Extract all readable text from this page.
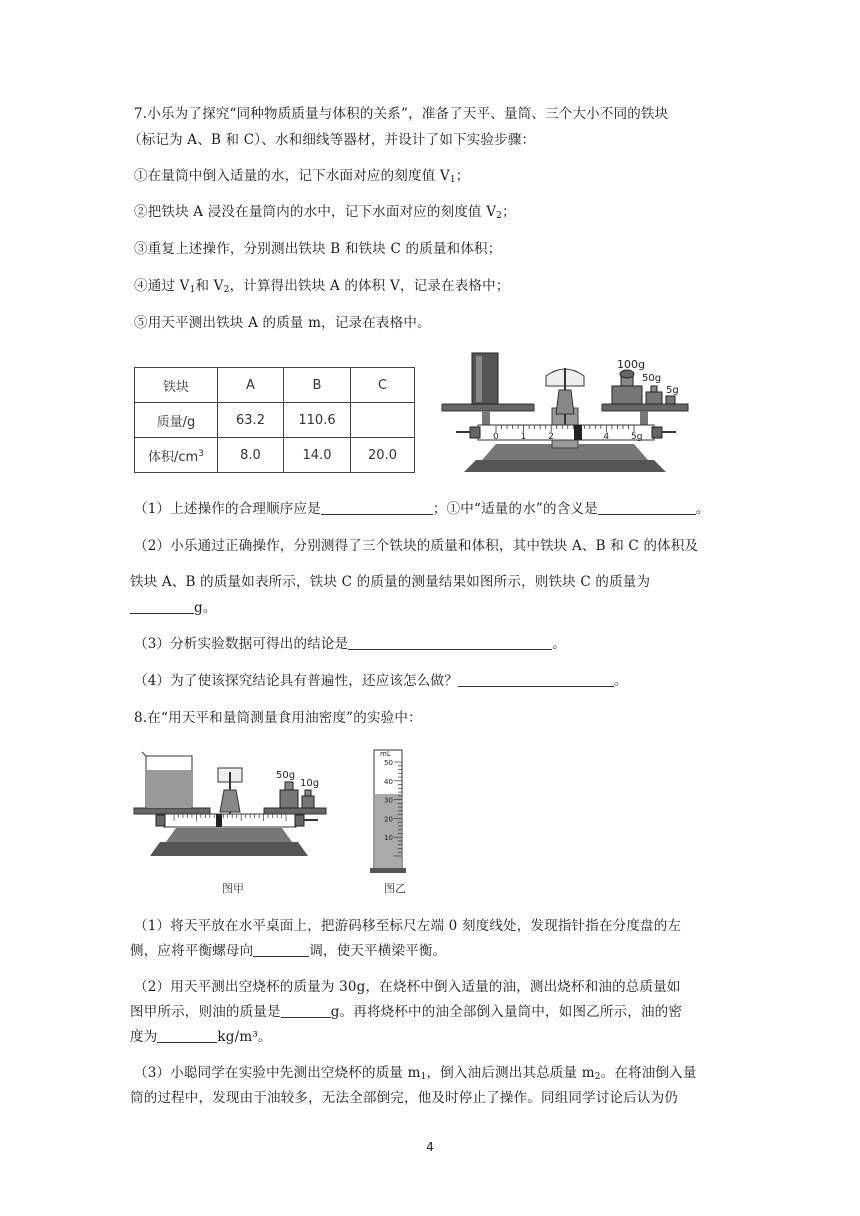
7.小乐为了探究“同种物质质量与体积的关系”，准备了天平、量筒、三个大小不同的铁块
（标记为 A、B 和 C）、水和细线等器材，并设计了如下实验步骤：
①在量筒中倒入适量的水，记下水面对应的刻度值 $V_1$；
②把铁块 A 浸没在量筒内的水中，记下水面对应的刻度值 $V_2$；
③重复上述操作，分别测出铁块 B 和铁块 C 的质量和体积；
④通过 $V_1$和 $V_2$，计算得出铁块 A 的体积 V，记录在表格中；
⑤用天平测出铁块 A 的质量 m，记录在表格中。
铁块	A	B	C
质量/g	63.2	110.6	
体积$/cm^3$	8.0	14.0	20.0
100g
50g
5g
0 1 2	4 5g
（1）上述操作的合理顺序应是	；①中“适量的水”的含义是	。
（2）小乐通过正确操作，分别测得了三个铁块的质量和体积，其中铁块 A、B 和 C 的体积及
铁块 A、B 的质量如表所示，铁块 C 的质量的测量结果如图所示，则铁块 C 的质量为
g。
（3）分析实验数据可得出的结论是	。
（4）为了使该探究结论具有普遍性，还应该怎么做？	。
8.在“用天平和量筒测量食用油密度”的实验中：
50g
10g
图甲
mL
50
40
30
20
10
图乙
（1）将天平放在水平桌面上，把游码移至标尺左端 0 刻度线处，发现指针指在分度盘的左
侧，应将平衡螺母向	调，使天平横梁平衡。
（2）用天平测出空烧杯的质量为 30g，在烧杯中倒入适量的油，测出烧杯和油的总质量如
图甲所示，则油的质量是	g。再将烧杯中的油全部倒入量筒中，如图乙所示，油的密
度为	kg/m³。
（3）小聪同学在实验中先测出空烧杯的质量 $m_1$，倒入油后测出其总质量 $m_2$。在将油倒入量
筒的过程中，发现由于油较多，无法全部倒完，他及时停止了操作。同组同学讨论后认为仍
4
